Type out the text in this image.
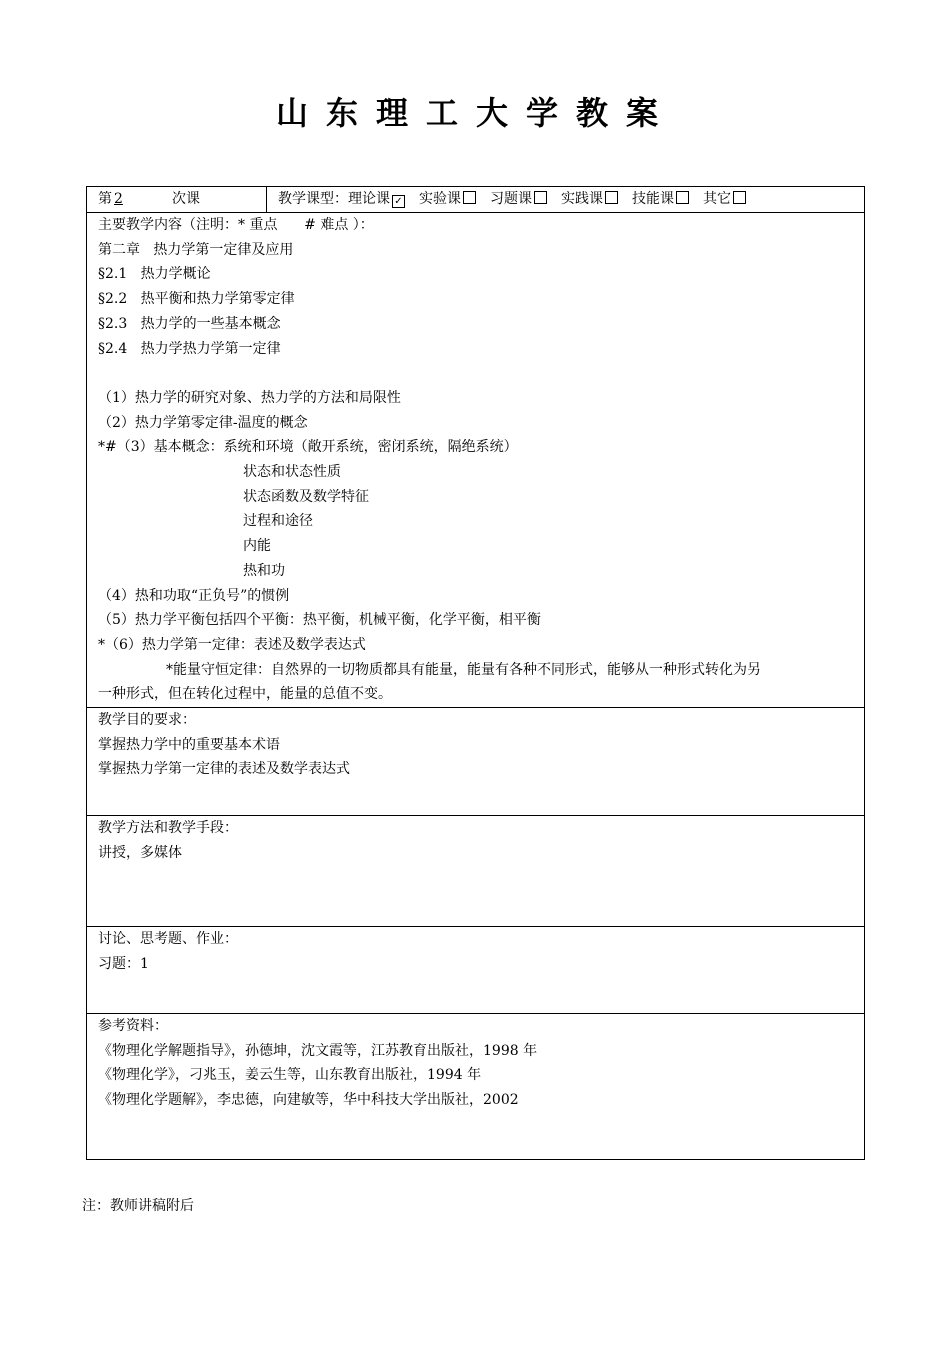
山东理工大学教案
第 2	次课	教学课型：理论课 ✓ 实验课 习题课 实践课 技能课 其它

主要教学内容（注明：* 重点      # 难点 ）：
第二章   热力学第一定律及应用
§2.1   热力学概论
§2.2   热平衡和热力学第零定律
§2.3   热力学的一些基本概念
§2.4   热力学热力学第一定律
（1）热力学的研究对象、热力学的方法和局限性
（2）热力学第零定律-温度的概念
*#（3）基本概念：系统和环境（敞开系统，密闭系统，隔绝系统）
状态和状态性质
状态函数及数学特征
过程和途径
内能
热和功
（4）热和功取“正负号”的惯例
（5）热力学平衡包括四个平衡：热平衡，机械平衡，化学平衡，相平衡
*（6）热力学第一定律：表述及数学表达式
*能量守恒定律：自然界的一切物质都具有能量，能量有各种不同形式，能够从一种形式转化为另
一种形式，但在转化过程中，能量的总值不变。

教学目的要求：
掌握热力学中的重要基本术语
掌握热力学第一定律的表述及数学表达式

教学方法和教学手段：
讲授，多媒体

讨论、思考题、作业：
习题：1

参考资料：
《物理化学解题指导》，孙德坤，沈文霞等，江苏教育出版社，1998 年
《物理化学》，刁兆玉，姜云生等，山东教育出版社，1994 年
《物理化学题解》，李忠德，向建敏等，华中科技大学出版社，2002
注：教师讲稿附后
